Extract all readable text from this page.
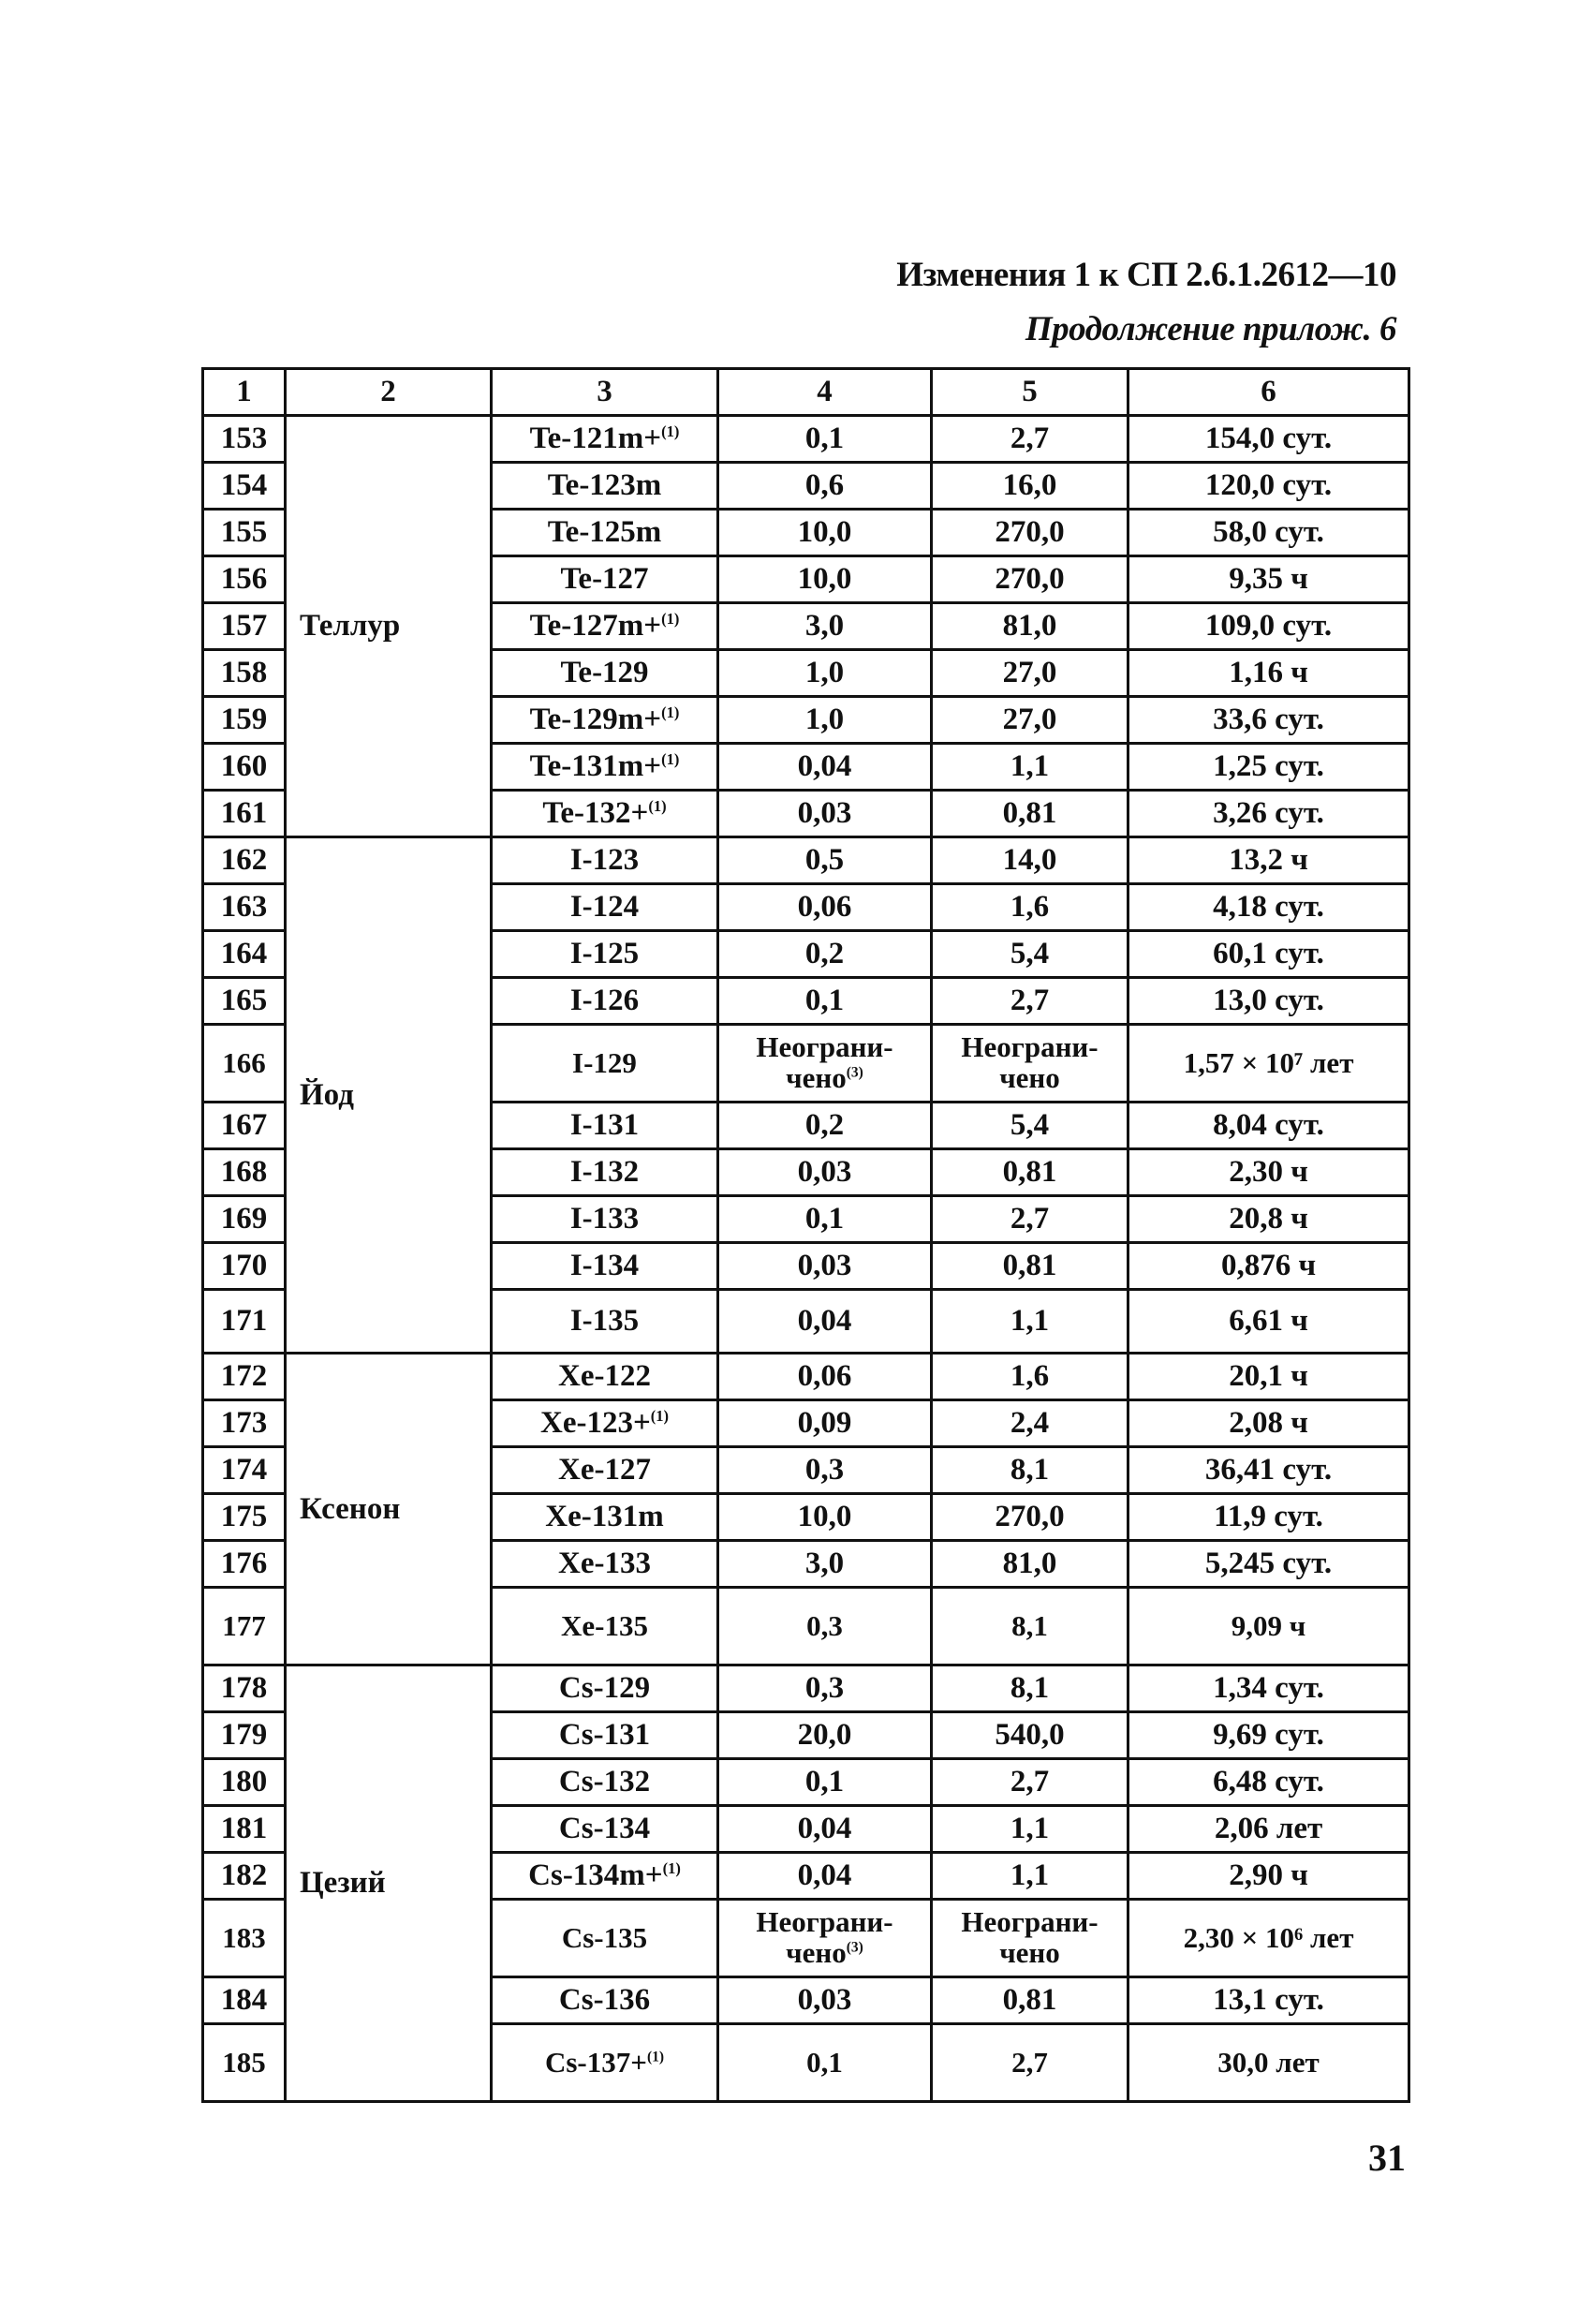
Изменения 1 к СП 2.6.1.2612—10
Продолжение прилож. 6
1	2	3	4	5	6
153	Теллур	Te-121m+$^{(1)}$	0,1	2,7	154,0 сут.
154		Te-123m	0,6	16,0	120,0 сут.
155		Te-125m	10,0	270,0	58,0 сут.
156		Te-127	10,0	270,0	9,35 ч
157		Te-127m+$^{(1)}$	3,0	81,0	109,0 сут.
158		Te-129	1,0	27,0	1,16 ч
159		Te-129m+$^{(1)}$	1,0	27,0	33,6 сут.
160		Te-131m+$^{(1)}$	0,04	1,1	1,25 сут.
161		Te-132+$^{(1)}$	0,03	0,81	3,26 сут.
162	Йод	I-123	0,5	14,0	13,2 ч
163		I-124	0,06	1,6	4,18 сут.
164		I-125	0,2	5,4	60,1 сут.
165		I-126	0,1	2,7	13,0 сут.
166		I-129	Неограни-чено$^{(3)}$	Неограни-чено	1,57 × 10⁷ лет
167		I-131	0,2	5,4	8,04 сут.
168		I-132	0,03	0,81	2,30 ч
169		I-133	0,1	2,7	20,8 ч
170		I-134	0,03	0,81	0,876 ч
171		I-135	0,04	1,1	6,61 ч
172	Ксенон	Xe-122	0,06	1,6	20,1 ч
173		Xe-123+$^{(1)}$	0,09	2,4	2,08 ч
174		Xe-127	0,3	8,1	36,41 сут.
175		Xe-131m	10,0	270,0	11,9 сут.
176		Xe-133	3,0	81,0	5,245 сут.
177		Xe-135	0,3	8,1	9,09 ч
178	Цезий	Cs-129	0,3	8,1	1,34 сут.
179		Cs-131	20,0	540,0	9,69 сут.
180		Cs-132	0,1	2,7	6,48 сут.
181		Cs-134	0,04	1,1	2,06 лет
182		Cs-134m+$^{(1)}$	0,04	1,1	2,90 ч
183		Cs-135	Неограни-чено$^{(3)}$	Неограни-чено	2,30 × 10⁶ лет
184		Cs-136	0,03	0,81	13,1 сут.
185		Cs-137+$^{(1)}$	0,1	2,7	30,0 лет
31
